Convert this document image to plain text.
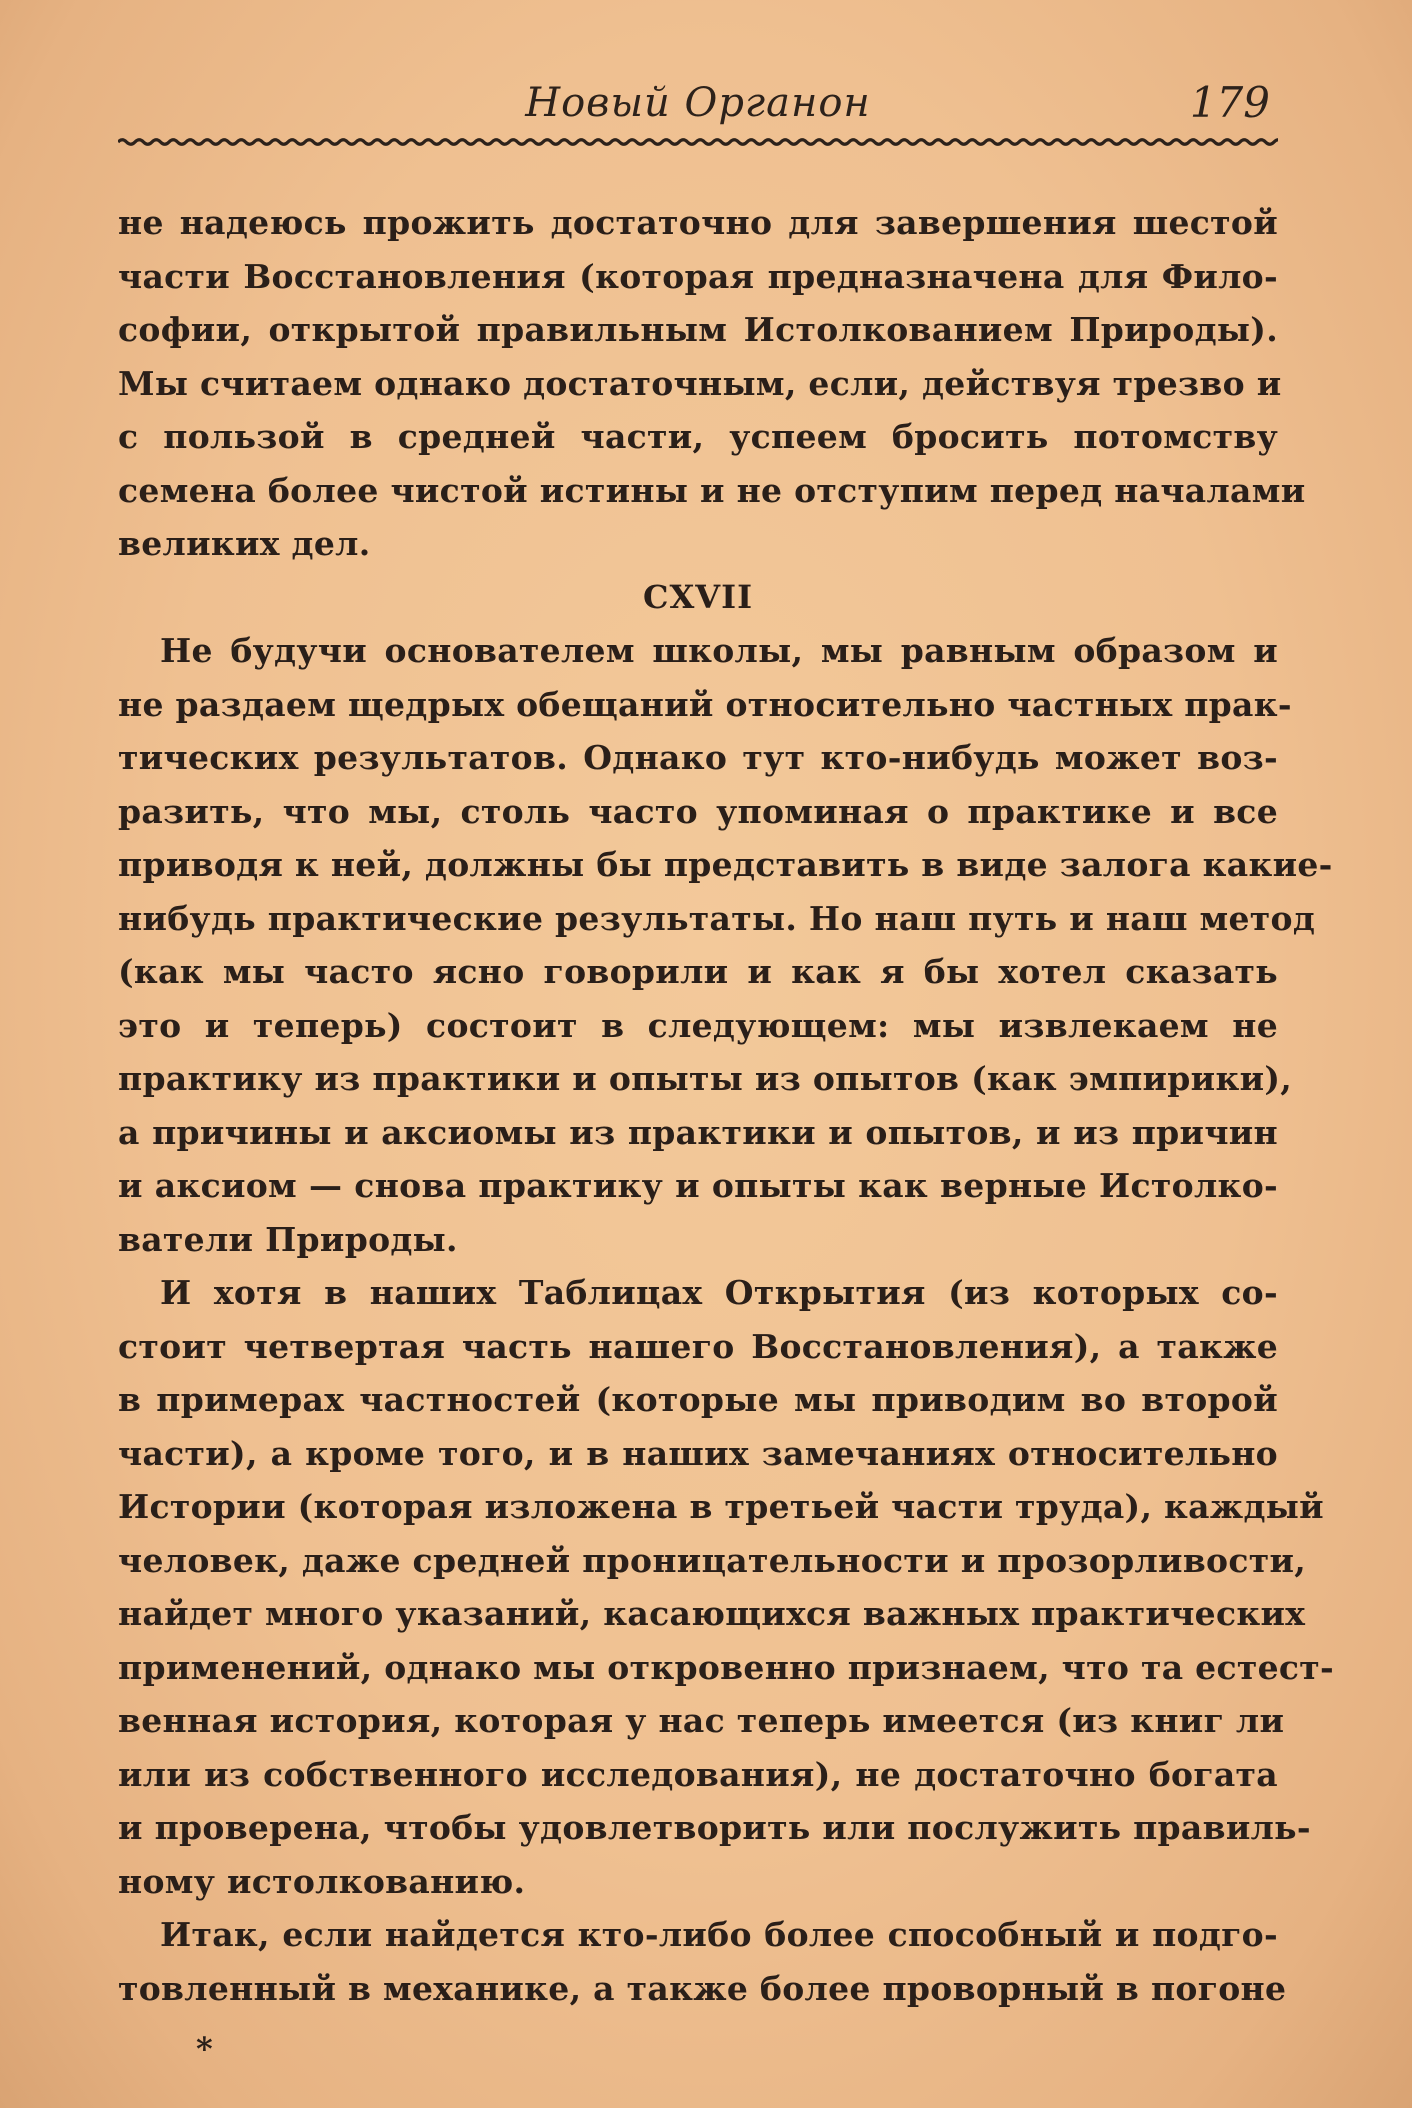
Новый Органон	179
не надеюсь прожить достаточно для завершения шестой
части Восстановления (которая предназначена для Фило-
софии, открытой правильным Истолкованием Природы).
Мы считаем однако достаточным, если, действуя трезво и
с пользой в средней части, успеем бросить потомству
семена более чистой истины и не отступим перед началами
великих дел.
CXVII
Не будучи основателем школы, мы равным образом и
не раздаем щедрых обещаний относительно частных прак-
тических результатов. Однако тут кто-нибудь может воз-
разить, что мы, столь часто упоминая о практике и все
приводя к ней, должны бы представить в виде залога какие-
нибудь практические результаты. Но наш путь и наш метод
(как мы часто ясно говорили и как я бы хотел сказать
это и теперь) состоит в следующем: мы извлекаем не
практику из практики и опыты из опытов (как эмпирики),
а причины и аксиомы из практики и опытов, и из причин
и аксиом — снова практику и опыты как верные Истолко-
ватели Природы.
И хотя в наших Таблицах Открытия (из которых со-
стоит четвертая часть нашего Восстановления), а также
в примерах частностей (которые мы приводим во второй
части), а кроме того, и в наших замечаниях относительно
Истории (которая изложена в третьей части труда), каждый
человек, даже средней проницательности и прозорливости,
найдет много указаний, касающихся важных практических
применений, однако мы откровенно признаем, что та естест-
венная история, которая у нас теперь имеется (из книг ли
или из собственного исследования), не достаточно богата
и проверена, чтобы удовлетворить или послужить правиль-
ному истолкованию.
Итак, если найдется кто-либо более способный и подго-
товленный в механике, а также более проворный в погоне
*
